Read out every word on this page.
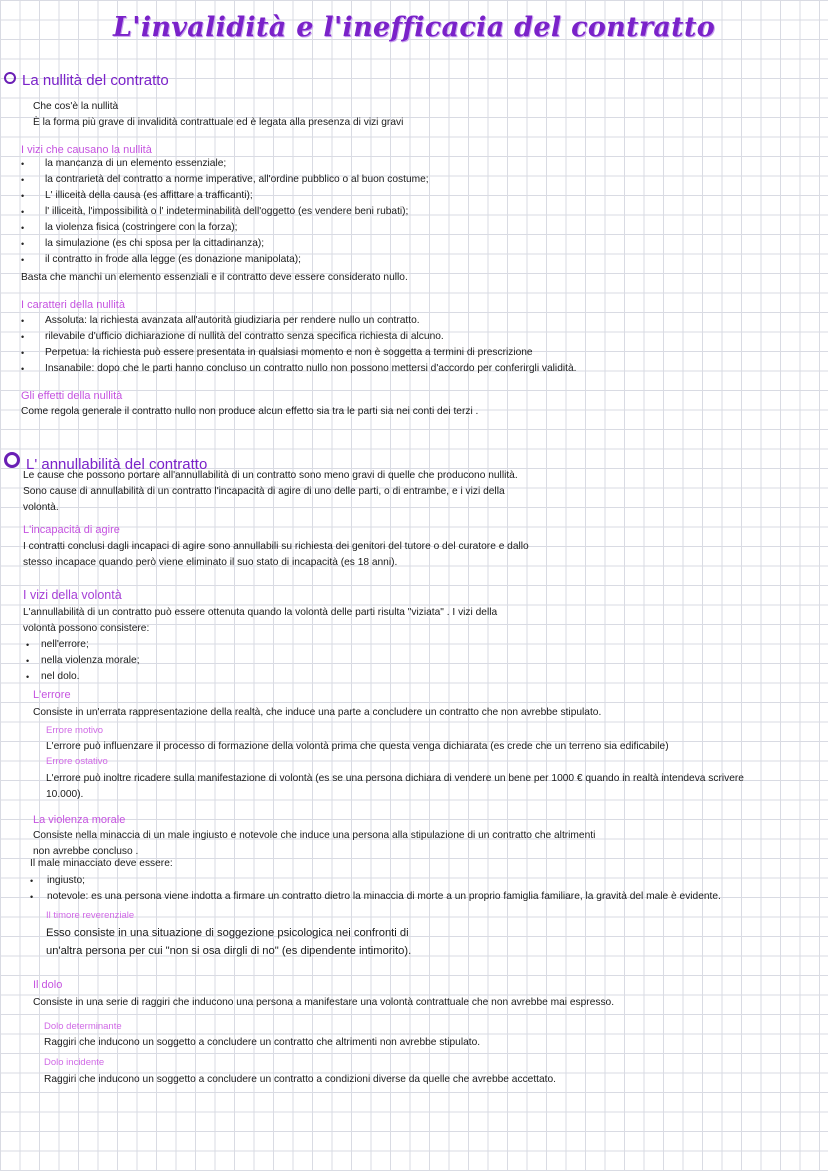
L'invalidità e l'inefficacia del contratto
La nullità del contratto
Che cos'è la nullità
È la forma più grave di invalidità contrattuale ed è legata alla presenza di vizi gravi
I vizi che causano la nullità
• la mancanza di un elemento essenziale;
• la contrarietà del contratto a norme imperative, all'ordine pubblico o al buon costume;
• L' illiceità della causa (es affittare a trafficanti);
• l' illiceità, l'impossibilità o l' indeterminabilità dell'oggetto (es vendere beni rubati);
• la violenza fisica (costringere con la forza);
• la simulazione (es chi sposa per la cittadinanza);
• il contratto in frode alla legge (es donazione manipolata);
Basta che manchi un elemento essenziali e il contratto deve essere considerato nullo.
I caratteri della nullità
• Assoluta: la richiesta avanzata all'autorità giudiziaria per rendere nullo un contratto.
• rilevabile d'ufficio dichiarazione di nullità del contratto senza specifica richiesta di alcuno.
• Perpetua: la richiesta può essere presentata in qualsiasi momento e non è soggetta a termini di prescrizione
• Insanabile: dopo che le parti hanno concluso un contratto nullo non possono mettersi d'accordo per conferirgli validità.
Gli effetti della nullità
Come regola generale il contratto nullo non produce alcun effetto sia tra le parti sia nei conti dei terzi .
L' annullabilità del contratto
Le cause che possono portare all'annullabilità di un contratto sono meno gravi di quelle che producono nullità.
Sono cause di annullabilità di un contratto l'incapacità di agire di uno delle parti, o di entrambe, e i vizi della
volontà.
L'incapacità di agire
I contratti conclusi dagli incapaci di agire sono annullabili su richiesta dei genitori del tutore o del curatore e dallo
stesso incapace quando però viene eliminato il suo stato di incapacità (es 18 anni).
I vizi della volontà
L'annullabilità di un contratto può essere ottenuta quando la volontà delle parti risulta "viziata" . I vizi della
volontà possono consistere:
• nell'errore;
• nella violenza morale;
• nel dolo.
L'errore
Consiste in un'errata rappresentazione della realtà, che induce una parte a concludere un contratto che non avrebbe stipulato.
Errore motivo
L'errore può influenzare il processo di formazione della volontà prima che questa venga dichiarata (es crede che un terreno sia edificabile)
Errore ostativo
L'errore può inoltre ricadere sulla manifestazione di volontà (es se una persona dichiara di vendere un bene per 1000 € quando in realtà intendeva scrivere
10.000).
La violenza morale
Consiste nella minaccia di un male ingiusto e notevole che induce una persona alla stipulazione di un contratto che altrimenti
non avrebbe concluso .
Il male minacciato deve essere:
• ingiusto;
• notevole: es una persona viene indotta a firmare un contratto dietro la minaccia di morte a un proprio famiglia familiare, la gravità del male è evidente.
Il timore reverenziale
Esso consiste in una situazione di soggezione psicologica nei confronti di
un'altra persona per cui "non si osa dirgli di no" (es dipendente intimorito).
Il dolo
Consiste in una serie di raggiri che inducono una persona a manifestare una volontà contrattuale che non avrebbe mai espresso.
Dolo determinante
Raggiri che inducono un soggetto a concludere un contratto che altrimenti non avrebbe stipulato.
Dolo incidente
Raggiri che inducono un soggetto a concludere un contratto a condizioni diverse da quelle che avrebbe accettato.
